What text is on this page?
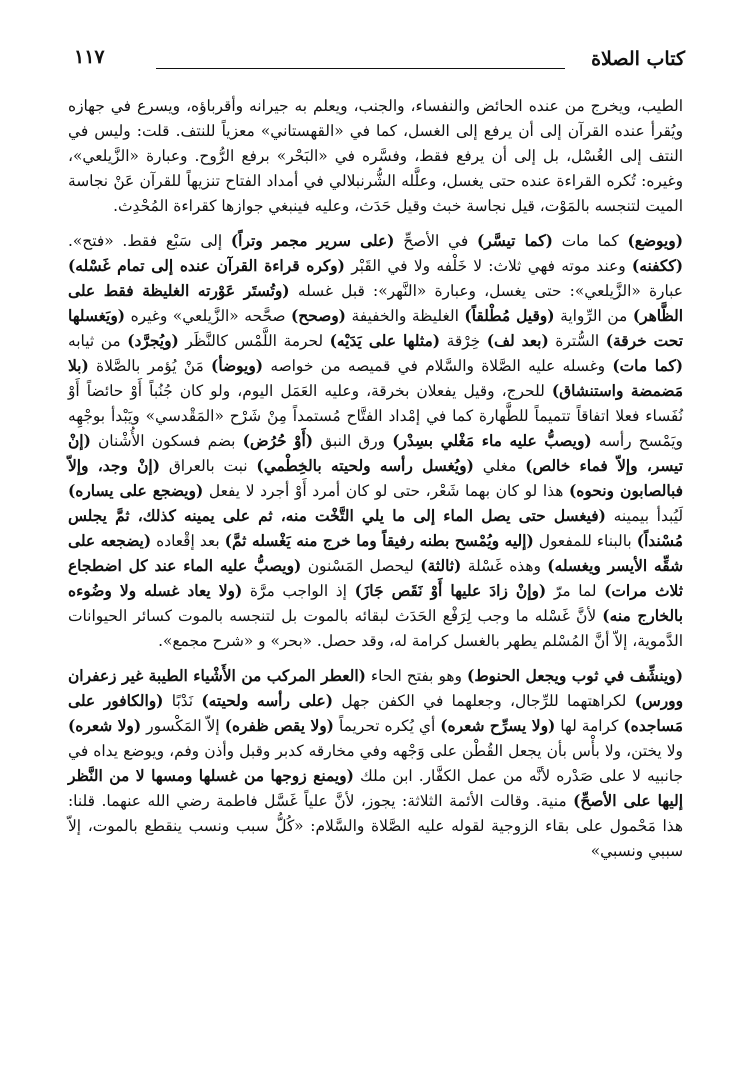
كتاب الصلاة
١١٧

الطيب، ويخرج من عنده الحائض والنفساء، والجنب، ويعلم به جيرانه وأقرباؤه، ويسرع في جهازه ويُقرأ عنده القرآن إلى أن يرفع إلى الغسل، كما في «القهستاني» معزياً للنتف. قلت: وليس في النتف إلى الغُسْل، بل إلى أن يرفع فقط، وفسَّره في «البَحْر» برفع الرُّوح. وعبارة «الزَّيلعي»، وغيره: تُكره القراءة عنده حتى يغسل، وعلَّله الشُّرنبلالي في أمداد الفتاح تنزيهاً للقرآن عَنْ نجاسة الميت لتنجسه بالمَوْت، قيل نجاسة خبث وقيل حَدَث، وعليه فينبغي جوازها كقراءة المُحْدِث.

(ويوضع) كما مات (كما تيسَّر) في الأصحِّ (على سرير مجمر وتراً) إلى سَبْع فقط. «فتح». (ككفنه) وعند موته فهي ثلاث: لا خَلْفه ولا في القَبْر (وكره قراءة القرآن عنده إلى تمام غَسْله) عبارة «الزَّيلعي»: حتى يغسل، وعبارة «النَّهر»: قبل غسله (وتُستَر عَوْرته الغليظة فقط على الظَّاهر) من الرِّواية (وقيل مُطْلقاً) الغليظة والخفيفة (وصحح) صحَّحه «الزَّيلعي» وغيره (ويَغسلها تحت خرقة) السُّترة (بعد لف) خِرْقة (مثلها على يَدَيْه) لحرمة اللَّمْس كالنَّظَر (ويُجرَّد) من ثيابه (كما مات) وغسله عليه الصَّلاة والسَّلام في قميصه من خواصه (ويوضأ) مَنْ يُؤمر بالصَّلاة (بلا مَضمضة واستنشاق) للحرج، وقيل يفعلان بخرقة، وعليه العَمَل اليوم، ولو كان جُنُباً أَوْ حائضاً أَوْ نُفَساء فعلا اتفاقاً تتميماً للطَّهارة كما في إمْداد الفتَّاح مُستمداً مِنْ شَرْح «المَقْدسي» ويَبْدأ بوجْهِه ويَمْسح رأسه (ويصبُّ عليه ماء مَغْلي بسِدْر) ورق النبق (أَوْ حُرُض) بضم فسكون الأُشْنان (إنْ تيسر، وإلاّ فماء خالص) مغلي (ويُغسل رأسه ولحيته بالخِطْمي) نبت بالعراق (إنْ وجد، وإلاّ فبالصابون ونحوه) هذا لو كان بهما شَعْر، حتى لو كان أمرد أَوْ أجرد لا يفعل (ويضجع على يساره) لَيُبدأ بيمينه (فيغسل حتى يصل الماء إلى ما يلي التَّخْت منه، ثم على يمينه كذلك، ثمَّ يجلس مُسْنداً) بالبناء للمفعول (إليه ويُمْسح بطنه رفيقاً وما خرج منه يَغْسله ثمَّ) بعد إقْعاده (يضجعه على شقِّه الأيسر ويغسله) وهذه غَسْلة (ثالثة) ليحصل المَسْنون (ويصبُّ عليه الماء عند كل اضطجاع ثلاث مرات) لما مرّ (وإنْ زادَ عليها أَوْ نَقَص جَازَ) إذ الواجب مرَّة (ولا يعاد غسله ولا وضُوءه بالخارج منه) لأنَّ غَسْله ما وجب لِرَفْع الحَدَث لبقائه بالموت بل لتنجسه بالموت كسائر الحيوانات الدَّموية، إلاّ أنَّ المُسْلم يطهر بالغسل كرامة له، وقد حصل. «بحر» و «شرح مجمع».

(وينشِّف في ثوب ويجعل الحنوط) وهو بفتح الحاء (العطر المركب من الأَشْياء الطيبة غير زعفران وورس) لكراهتهما للرِّجال، وجعلهما في الكفن جهل (على رأسه ولحيته) نَدْبًا (والكافور على مَساجده) كرامة لها (ولا يسرِّح شعره) أي يُكره تحريماً (ولا يقص ظفره) إلاّ المَكْسور (ولا شعره) ولا يختن، ولا بأْس بأن يجعل القُطْن على وَجْهه وفي مخارقه كدبر وقبل وأذن وفم، ويوضع يداه في جانبيه لا على صَدْره لأنَّه من عمل الكفَّار. ابن ملك (ويمنع زوجها من غسلها ومسها لا من النَّظر إليها على الأصحِّ) منية. وقالت الأئمة الثلاثة: يجوز، لأنَّ علياً غَسَّل فاطمة رضي الله عنهما. قلنا: هذا مَحْمول على بقاء الزوجية لقوله عليه الصَّلاة والسَّلام: «كُلُّ سبب ونسب ينقطع بالموت، إلاّ سببي ونسبي»
